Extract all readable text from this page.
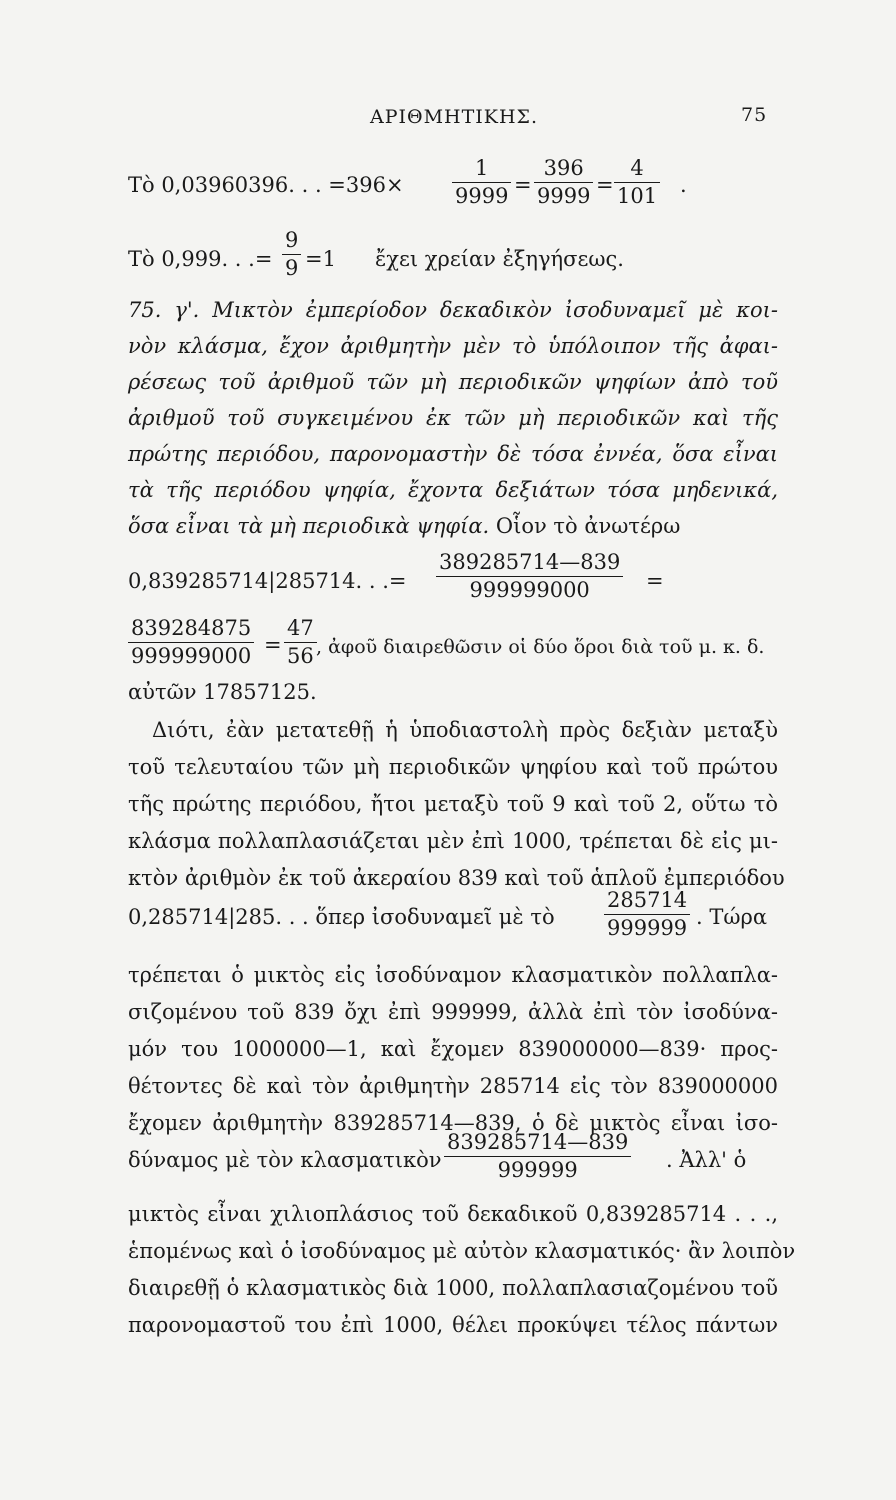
ΑΡΙΘΜΗΤΙΚΗΣ.	75
Τὸ 0,03960396. . . =396×
1
9999 =
396
9999 =
4
101 .
Τὸ 0,999. . .=
9
9 =1 ἔχει χρείαν ἐξηγήσεως.
75. γ'. Μικτὸν ἐμπερίοδον δεκαδικὸν ἰσοδυναμεῖ μὲ κοι-
νὸν κλάσμα, ἔχον ἀριθμητὴν μὲν τὸ ὑπόλοιπον τῆς ἀφαι-
ρέσεως τοῦ ἀριθμοῦ τῶν μὴ περιοδικῶν ψηφίων ἀπὸ τοῦ
ἀριθμοῦ τοῦ συγκειμένου ἐκ τῶν μὴ περιοδικῶν καὶ τῆς
πρώτης περιόδου, παρονομαστὴν δὲ τόσα ἐννέα, ὅσα εἶναι
τὰ τῆς περιόδου ψηφία, ἔχοντα δεξιάτων τόσα μηδενικά,
ὅσα εἶναι τὰ μὴ περιοδικὰ ψηφία. Οἷον τὸ ἀνωτέρω
0,839285714|285714. . .=
389285714—839
999999000	=
839284875
999999000 =
47
56 , ἀφοῦ διαιρεθῶσιν οἱ δύο ὅροι διὰ τοῦ μ. κ. δ.
αὐτῶν 17857125.
Διότι, ἐὰν μετατεθῇ ἡ ὑποδιαστολὴ πρὸς δεξιὰν μεταξὺ
τοῦ τελευταίου τῶν μὴ περιοδικῶν ψηφίου καὶ τοῦ πρώτου
τῆς πρώτης περιόδου, ἤτοι μεταξὺ τοῦ 9 καὶ τοῦ 2, οὕτω τὸ
κλάσμα πολλαπλασιάζεται μὲν ἐπὶ 1000, τρέπεται δὲ εἰς μι-
κτὸν ἀριθμὸν ἐκ τοῦ ἀκεραίου 839 καὶ τοῦ ἁπλοῦ ἐμπεριόδου
0,285714|285. . . ὅπερ ἰσοδυναμεῖ μὲ τὸ
285714
999999 . Τώρα
τρέπεται ὁ μικτὸς εἰς ἰσοδύναμον κλασματικὸν πολλαπλα-
σιζομένου τοῦ 839 ὄχι ἐπὶ 999999, ἀλλὰ ἐπὶ τὸν ἰσοδύνα-
μόν του 1000000—1, καὶ ἔχομεν 839000000—839· προς-
θέτοντες δὲ καὶ τὸν ἀριθμητὴν 285714 εἰς τὸν 839000000
ἔχομεν ἀριθμητὴν 839285714—839, ὁ δὲ μικτὸς εἶναι ἰσο-
δύναμος μὲ τὸν κλασματικὸν
839285714—839
999999	. Ἀλλ' ὁ
μικτὸς εἶναι χιλιοπλάσιος τοῦ δεκαδικοῦ 0,839285714 . . .,
ἑπομένως καὶ ὁ ἰσοδύναμος μὲ αὐτὸν κλασματικός· ἂν λοιπὸν
διαιρεθῇ ὁ κλασματικὸς διὰ 1000, πολλαπλασιαζομένου τοῦ
παρονομαστοῦ του ἐπὶ 1000, θέλει προκύψει τέλος πάντων
